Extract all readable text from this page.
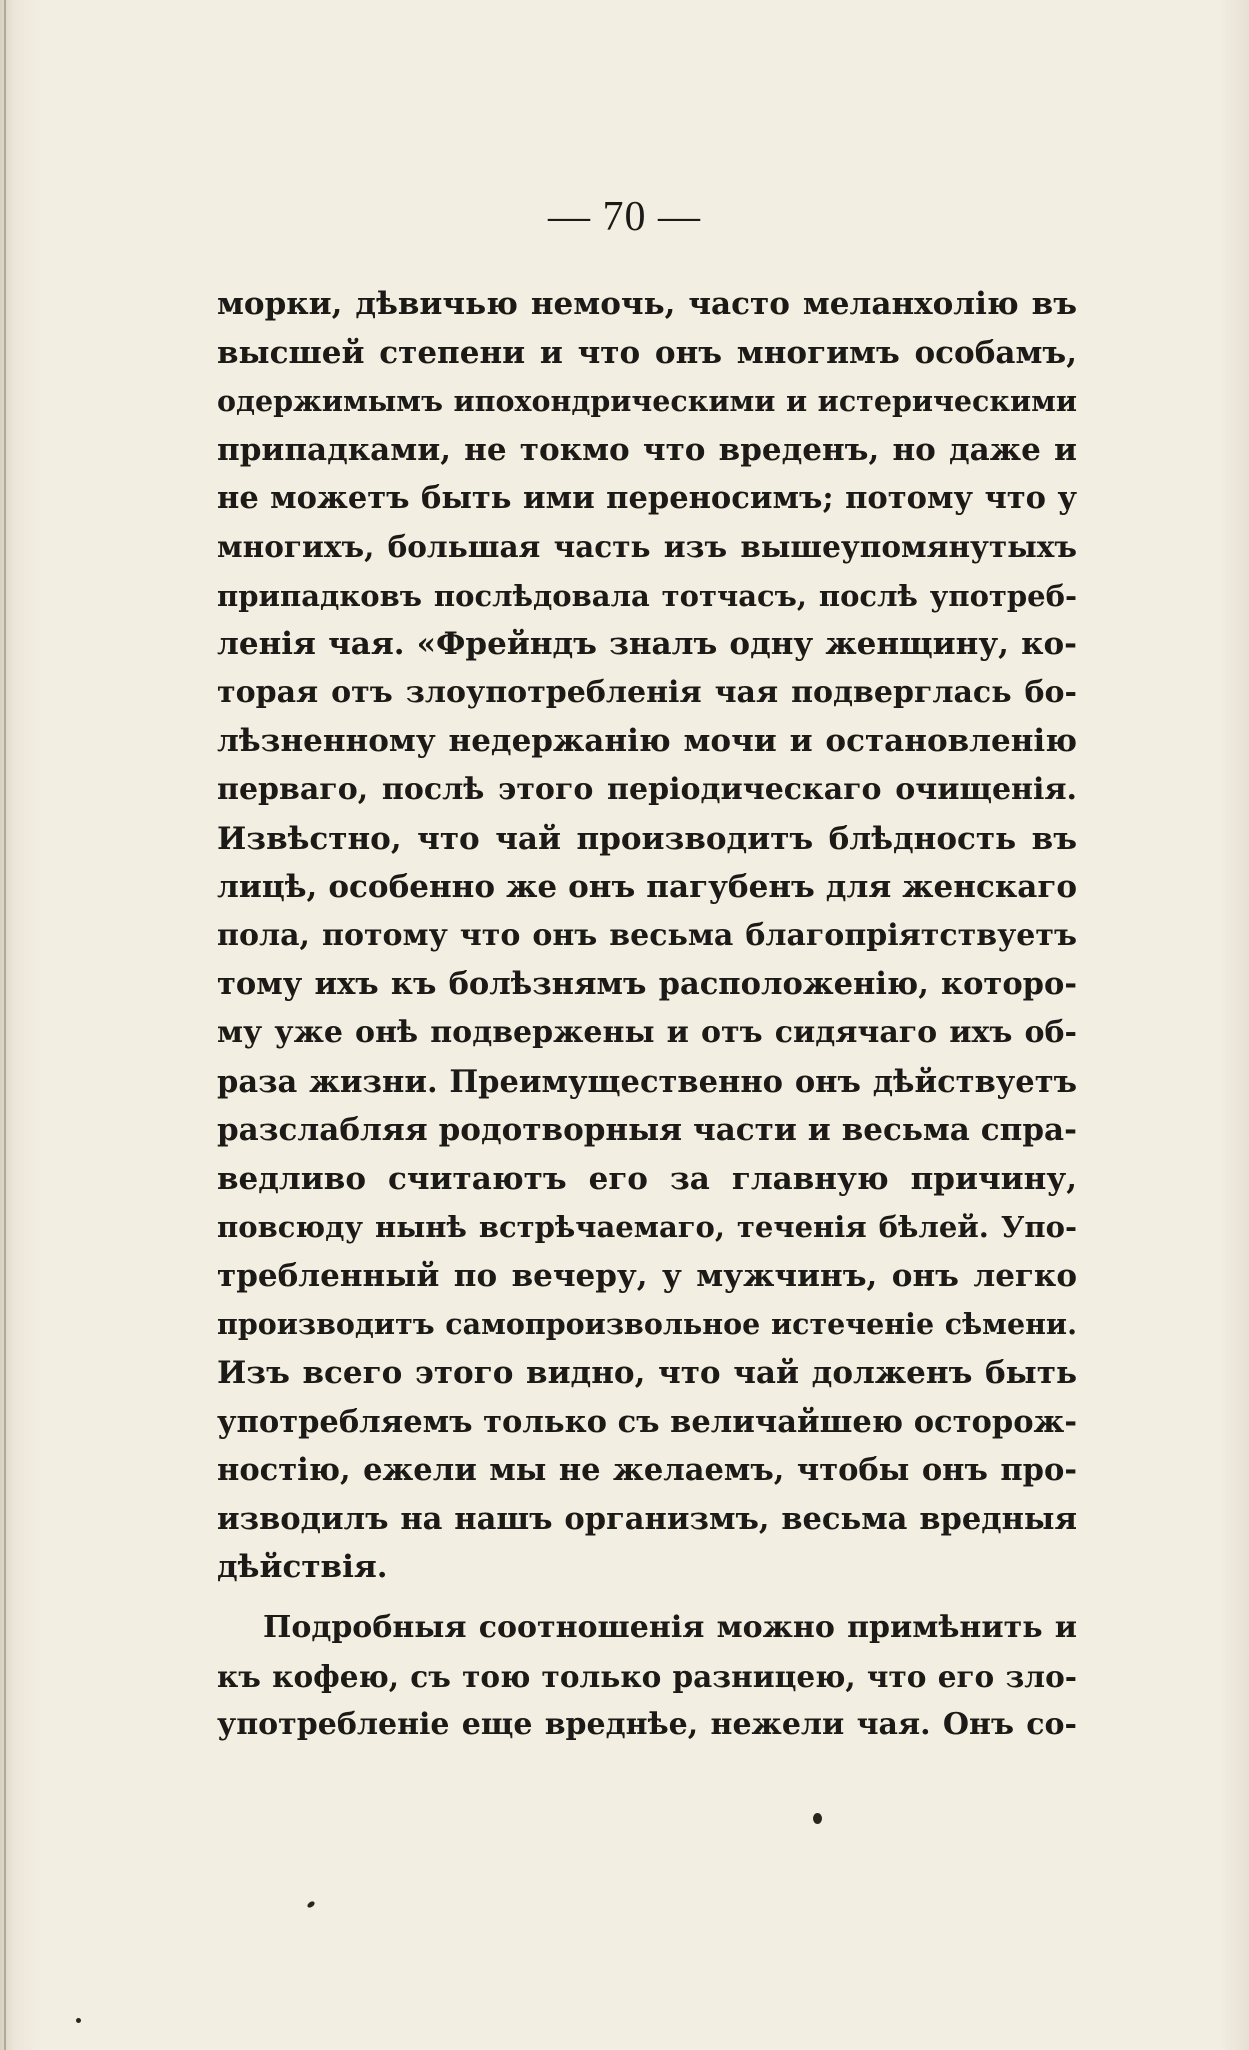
— 70 —
морки, дѣвичью немочь, часто меланхолію въ
высшей степени и что онъ многимъ особамъ,
одержимымъ ипохондрическими и истерическими
припадками, не токмо что вреденъ, но даже и
не можетъ быть ими переносимъ; потому что у
многихъ, большая часть изъ вышеупомянутыхъ
припадковъ послѣдовала тотчасъ, послѣ употреб-
ленія чая. «Фрейндъ зналъ одну женщину, ко-
торая отъ злоупотребленія чая подверглась бо-
лѣзненному недержанію мочи и остановленію
перваго, послѣ этого періодическаго очищенія.
Извѣстно, что чай производитъ блѣдность въ
лицѣ, особенно же онъ пагубенъ для женскаго
пола, потому что онъ весьма благопріятствуетъ
тому ихъ къ болѣзнямъ расположенію, которо-
му уже онѣ подвержены и отъ сидячаго ихъ об-
раза жизни. Преимущественно онъ дѣйствуетъ
разслабляя родотворныя части и весьма спра-
ведливо считаютъ его за главную причину,
повсюду нынѣ встрѣчаемаго, теченія бѣлей. Упо-
требленный по вечеру, у мужчинъ, онъ легко
производитъ самопроизвольное истеченіе сѣмени.
Изъ всего этого видно, что чай долженъ быть
употребляемъ только съ величайшею осторож-
ностію, ежели мы не желаемъ, чтобы онъ про-
изводилъ на нашъ организмъ, весьма вредныя
дѣйствія.
Подробныя соотношенія можно примѣнить и
къ кофею, съ тою только разницею, что его зло-
употребленіе еще вреднѣе, нежели чая. Онъ со-
